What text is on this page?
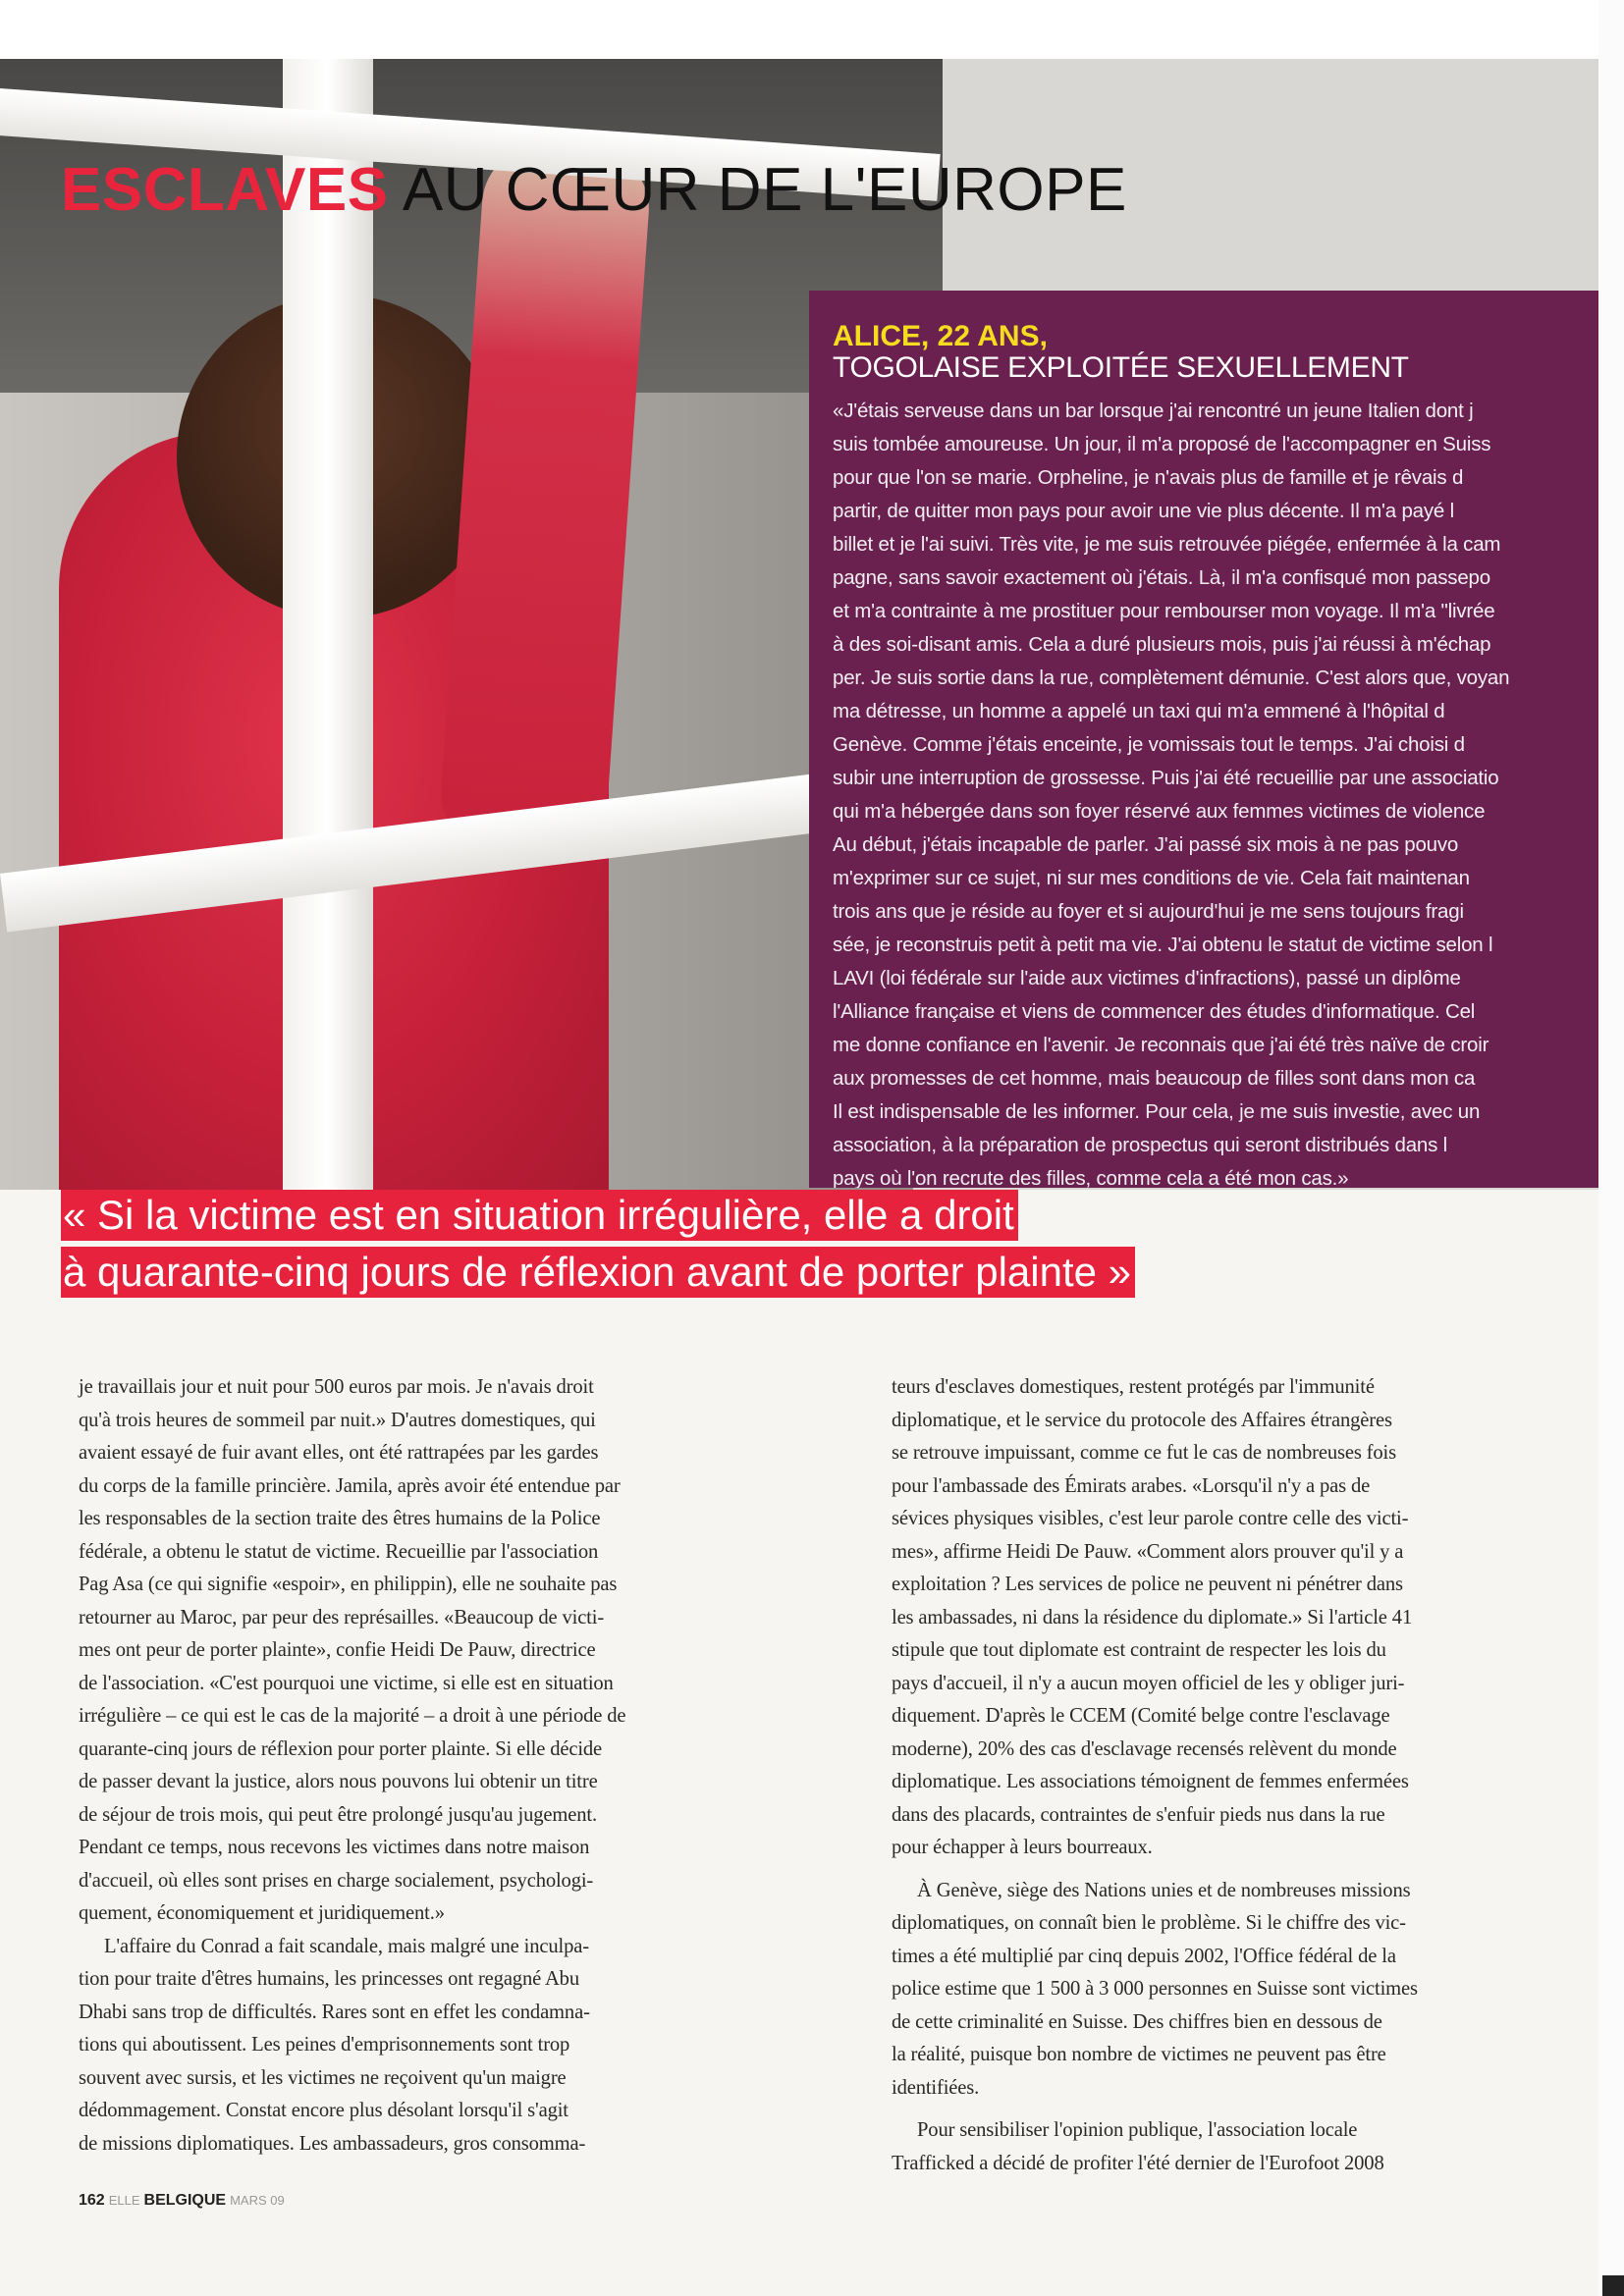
ESCLAVES AU CŒUR DE L'EUROPE
ALICE, 22 ANS,
TOGOLAISE EXPLOITÉE SEXUELLEMENT
«J'étais serveuse dans un bar lorsque j'ai rencontré un jeune Italien dont j
suis tombée amoureuse. Un jour, il m'a proposé de l'accompagner en Suiss
pour que l'on se marie. Orpheline, je n'avais plus de famille et je rêvais d
partir, de quitter mon pays pour avoir une vie plus décente. Il m'a payé l
billet et je l'ai suivi. Très vite, je me suis retrouvée piégée, enfermée à la cam
pagne, sans savoir exactement où j'étais. Là, il m'a confisqué mon passepo
et m'a contrainte à me prostituer pour rembourser mon voyage. Il m'a "livrée
à des soi-disant amis. Cela a duré plusieurs mois, puis j'ai réussi à m'échap
per. Je suis sortie dans la rue, complètement démunie. C'est alors que, voyan
ma détresse, un homme a appelé un taxi qui m'a emmené à l'hôpital d
Genève. Comme j'étais enceinte, je vomissais tout le temps. J'ai choisi d
subir une interruption de grossesse. Puis j'ai été recueillie par une associatio
qui m'a hébergée dans son foyer réservé aux femmes victimes de violence
Au début, j'étais incapable de parler. J'ai passé six mois à ne pas pouvo
m'exprimer sur ce sujet, ni sur mes conditions de vie. Cela fait maintenan
trois ans que je réside au foyer et si aujourd'hui je me sens toujours fragi
sée, je reconstruis petit à petit ma vie. J'ai obtenu le statut de victime selon l
LAVI (loi fédérale sur l'aide aux victimes d'infractions), passé un diplôme
l'Alliance française et viens de commencer des études d'informatique. Cel
me donne confiance en l'avenir. Je reconnais que j'ai été très naïve de croir
aux promesses de cet homme, mais beaucoup de filles sont dans mon ca
Il est indispensable de les informer. Pour cela, je me suis investie, avec un
association, à la préparation de prospectus qui seront distribués dans l
pays où l'on recrute des filles, comme cela a été mon cas.»
« Si la victime est en situation irrégulière, elle a droit
à quarante-cinq jours de réflexion avant de porter plainte »
je travaillais jour et nuit pour 500 euros par mois. Je n'avais droit
qu'à trois heures de sommeil par nuit.» D'autres domestiques, qui
avaient essayé de fuir avant elles, ont été rattrapées par les gardes
du corps de la famille princière. Jamila, après avoir été entendue par
les responsables de la section traite des êtres humains de la Police
fédérale, a obtenu le statut de victime. Recueillie par l'association
Pag Asa (ce qui signifie «espoir», en philippin), elle ne souhaite pas
retourner au Maroc, par peur des représailles. «Beaucoup de victi-
mes ont peur de porter plainte», confie Heidi De Pauw, directrice
de l'association. «C'est pourquoi une victime, si elle est en situation
irrégulière – ce qui est le cas de la majorité – a droit à une période de
quarante-cinq jours de réflexion pour porter plainte. Si elle décide
de passer devant la justice, alors nous pouvons lui obtenir un titre
de séjour de trois mois, qui peut être prolongé jusqu'au jugement.
Pendant ce temps, nous recevons les victimes dans notre maison
d'accueil, où elles sont prises en charge socialement, psychologi-
quement, économiquement et juridiquement.»
L'affaire du Conrad a fait scandale, mais malgré une inculpa-
tion pour traite d'êtres humains, les princesses ont regagné Abu
Dhabi sans trop de difficultés. Rares sont en effet les condamna-
tions qui aboutissent. Les peines d'emprisonnements sont trop
souvent avec sursis, et les victimes ne reçoivent qu'un maigre
dédommagement. Constat encore plus désolant lorsqu'il s'agit
de missions diplomatiques. Les ambassadeurs, gros consomma-
teurs d'esclaves domestiques, restent protégés par l'immunité
diplomatique, et le service du protocole des Affaires étrangères
se retrouve impuissant, comme ce fut le cas de nombreuses fois
pour l'ambassade des Émirats arabes. «Lorsqu'il n'y a pas de
sévices physiques visibles, c'est leur parole contre celle des victi-
mes», affirme Heidi De Pauw. «Comment alors prouver qu'il y a
exploitation ? Les services de police ne peuvent ni pénétrer dans
les ambassades, ni dans la résidence du diplomate.» Si l'article 41
stipule que tout diplomate est contraint de respecter les lois du
pays d'accueil, il n'y a aucun moyen officiel de les y obliger juri-
diquement. D'après le CCEM (Comité belge contre l'esclavage
moderne), 20% des cas d'esclavage recensés relèvent du monde
diplomatique. Les associations témoignent de femmes enfermées
dans des placards, contraintes de s'enfuir pieds nus dans la rue
pour échapper à leurs bourreaux.
À Genève, siège des Nations unies et de nombreuses missions
diplomatiques, on connaît bien le problème. Si le chiffre des vic-
times a été multiplié par cinq depuis 2002, l'Office fédéral de la
police estime que 1 500 à 3 000 personnes en Suisse sont victimes
de cette criminalité en Suisse. Des chiffres bien en dessous de
la réalité, puisque bon nombre de victimes ne peuvent pas être
identifiées.
Pour sensibiliser l'opinion publique, l'association locale
Trafficked a décidé de profiter l'été dernier de l'Eurofoot 2008
162 ELLE BELGIQUE MARS 09
